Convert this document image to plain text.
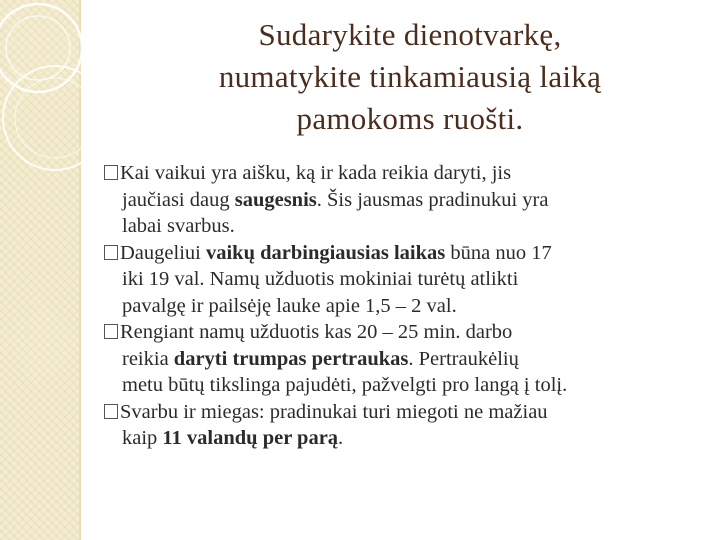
Sudarykite dienotvarkę,
numatykite tinkamiausią laiką
pamokoms ruošti.
Kai vaikui yra aišku, ką ir kada reikia daryti, jis
jaučiasi daug saugesnis. Šis jausmas pradinukui yra
labai svarbus.
Daugeliui vaikų darbingiausias laikas būna nuo 17
iki 19 val. Namų užduotis mokiniai turėtų atlikti
pavalgę ir pailsėję lauke apie 1,5 – 2 val.
Rengiant namų užduotis kas 20 – 25 min. darbo
reikia daryti trumpas pertraukas. Pertraukėlių
metu būtų tikslinga pajudėti, pažvelgti pro langą į tolį.
Svarbu ir miegas: pradinukai turi miegoti ne mažiau
kaip 11 valandų per parą.
